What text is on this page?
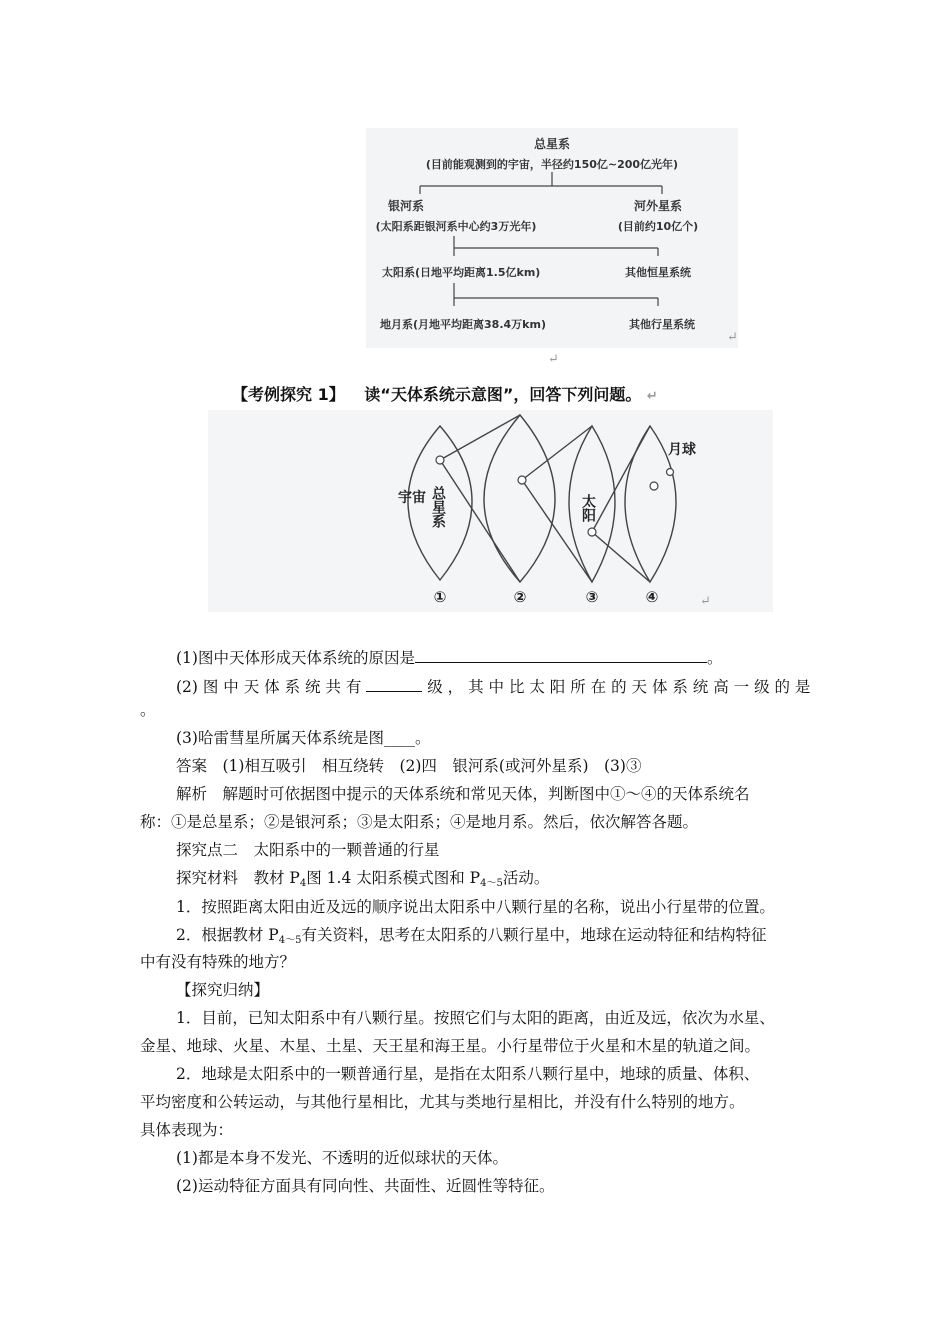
总星系
(目前能观测到的宇宙，半径约150亿~200亿光年)
银河系
(太阳系距银河系中心约3万光年)
河外星系
(目前约10亿个)
太阳系(日地平均距离1.5亿km)	其他恒星系统
地月系(月地平均距离38.4万km)	其他行星系统
↵
↵
【考例探究 1】 读“天体系统示意图”，回答下列问题。 ↵
宇宙 总星系	太阳
月球
①	②	③	④	↵
(1)图中天体形成天体系统的原因是	。
(2) 图 中 天 体 系 统 共 有	级 ， 其 中 比 太 阳 所 在 的 天 体 系 统 高 一 级 的 是
。
(3)哈雷彗星所属天体系统是图____。
答案　(1)相互吸引　相互绕转　(2)四　银河系(或河外星系)　(3)③
解析　解题时可依据图中提示的天体系统和常见天体，判断图中①～④的天体系统名
称：①是总星系；②是银河系；③是太阳系；④是地月系。然后，依次解答各题。
探究点二　太阳系中的一颗普通的行星
探究材料　教材 $P_4$图 1.4 太阳系模式图和 $P_{4\sim 5}$活动。
1．按照距离太阳由近及远的顺序说出太阳系中八颗行星的名称，说出小行星带的位置。
2．根据教材 $P_{4\sim 5}$有关资料，思考在太阳系的八颗行星中，地球在运动特征和结构特征
中有没有特殊的地方？
【探究归纳】
1．目前，已知太阳系中有八颗行星。按照它们与太阳的距离，由近及远，依次为水星、
金星、地球、火星、木星、土星、天王星和海王星。小行星带位于火星和木星的轨道之间。
2．地球是太阳系中的一颗普通行星，是指在太阳系八颗行星中，地球的质量、体积、
平均密度和公转运动，与其他行星相比，尤其与类地行星相比，并没有什么特别的地方。
具体表现为：
(1)都是本身不发光、不透明的近似球状的天体。
(2)运动特征方面具有同向性、共面性、近圆性等特征。
